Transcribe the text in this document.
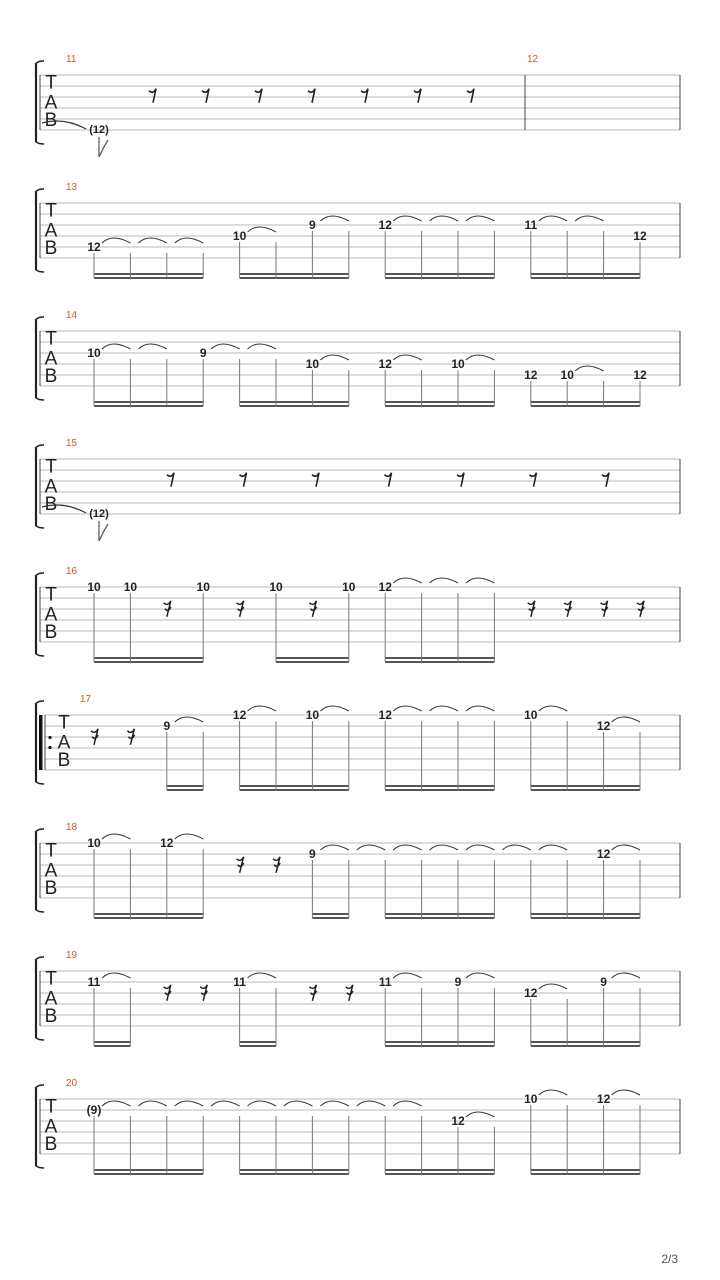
T
A
B
11
(12)
12
T
A
B
13
12
10
9	12	11
12
T
A
B
14
10	9
10	12	10
12 10	12
T
A
B
15
(12)
T
A
B
16
10 10	10	10	10 12
T
A
B
17
9
12	10	12	10
12
T
A
B
18
10	12
9	12
T
A
B
19
11	11	11	9
12
9
T
A
B
20
(9)
12
10	12
2/3
